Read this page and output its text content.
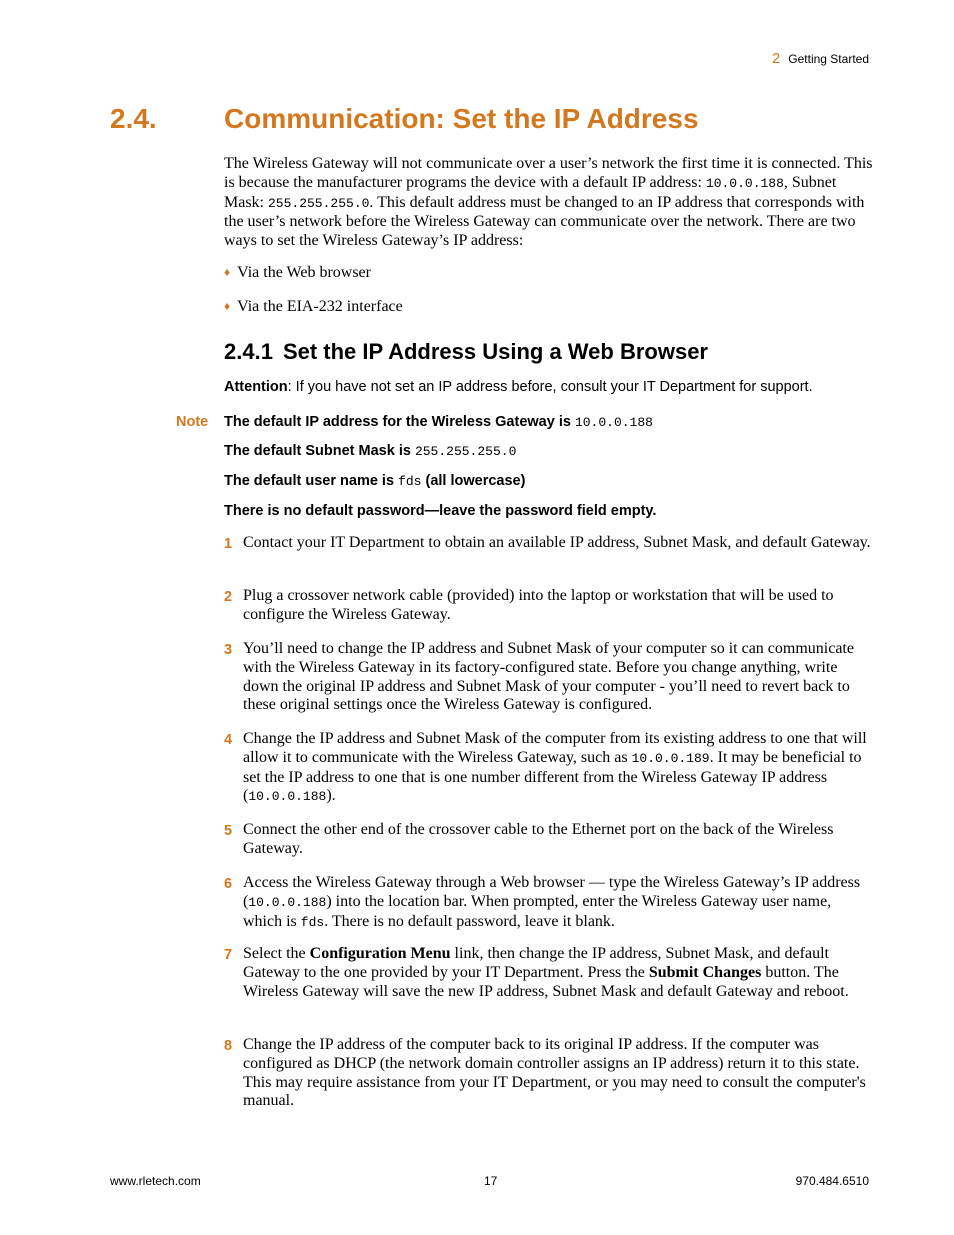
2 Getting Started
2.4. Communication: Set the IP Address
The Wireless Gateway will not communicate over a user’s network the first time it is connected. This is because the manufacturer programs the device with a default IP address: 10.0.0.188, Subnet Mask: 255.255.255.0. This default address must be changed to an IP address that corresponds with the user’s network before the Wireless Gateway can communicate over the network. There are two ways to set the Wireless Gateway’s IP address:
♦ Via the Web browser
♦ Via the EIA-232 interface
2.4.1 Set the IP Address Using a Web Browser
Attention: If you have not set an IP address before, consult your IT Department for support.
Note The default IP address for the Wireless Gateway is 10.0.0.188
The default Subnet Mask is 255.255.255.0
The default user name is fds (all lowercase)
There is no default password—leave the password field empty.
1 Contact your IT Department to obtain an available IP address, Subnet Mask, and default Gateway.
2 Plug a crossover network cable (provided) into the laptop or workstation that will be used to configure the Wireless Gateway.
3 You’ll need to change the IP address and Subnet Mask of your computer so it can communicate with the Wireless Gateway in its factory-configured state. Before you change anything, write down the original IP address and Subnet Mask of your computer - you’ll need to revert back to these original settings once the Wireless Gateway is configured.
4 Change the IP address and Subnet Mask of the computer from its existing address to one that will allow it to communicate with the Wireless Gateway, such as 10.0.0.189. It may be beneficial to set the IP address to one that is one number different from the Wireless Gateway IP address (10.0.0.188).
5 Connect the other end of the crossover cable to the Ethernet port on the back of the Wireless Gateway.
6 Access the Wireless Gateway through a Web browser — type the Wireless Gateway’s IP address (10.0.0.188) into the location bar. When prompted, enter the Wireless Gateway user name, which is fds. There is no default password, leave it blank.
7 Select the Configuration Menu link, then change the IP address, Subnet Mask, and default Gateway to the one provided by your IT Department. Press the Submit Changes button. The Wireless Gateway will save the new IP address, Subnet Mask and default Gateway and reboot.
8 Change the IP address of the computer back to its original IP address. If the computer was configured as DHCP (the network domain controller assigns an IP address) return it to this state. This may require assistance from your IT Department, or you may need to consult the computer's manual.
www.rletech.com	17	970.484.6510
